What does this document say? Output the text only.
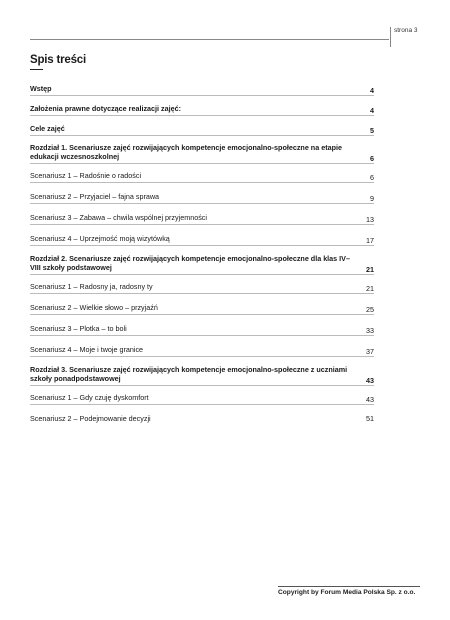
strona 3
Spis treści
Wstęp	4
Założenia prawne dotyczące realizacji zajęć:	4
Cele zajęć	5
Rozdział 1. Scenariusze zajęć rozwijających kompetencje emocjonalno-społeczne na etapie edukacji wczesnoszkolnej	6
Scenariusz 1 – Radośnie o radości	6
Scenariusz 2 – Przyjaciel – fajna sprawa	9
Scenariusz 3 – Zabawa – chwila wspólnej przyjemności	13
Scenariusz 4 – Uprzejmość moją wizytówką	17
Rozdział 2. Scenariusze zajęć rozwijających kompetencje emocjonalno-społeczne dla klas IV–VIII szkoły podstawowej	21
Scenariusz 1 – Radosny ja, radosny ty	21
Scenariusz 2 – Wielkie słowo – przyjaźń	25
Scenariusz 3 – Plotka – to boli	33
Scenariusz 4 – Moje i twoje granice	37
Rozdział 3. Scenariusze zajęć rozwijających kompetencje emocjonalno-społeczne z uczniami szkoły ponadpodstawowej	43
Scenariusz 1 – Gdy czuję dyskomfort	43
Scenariusz 2 – Podejmowanie decyzji	51
Copyright by Forum Media Polska Sp. z o.o.
